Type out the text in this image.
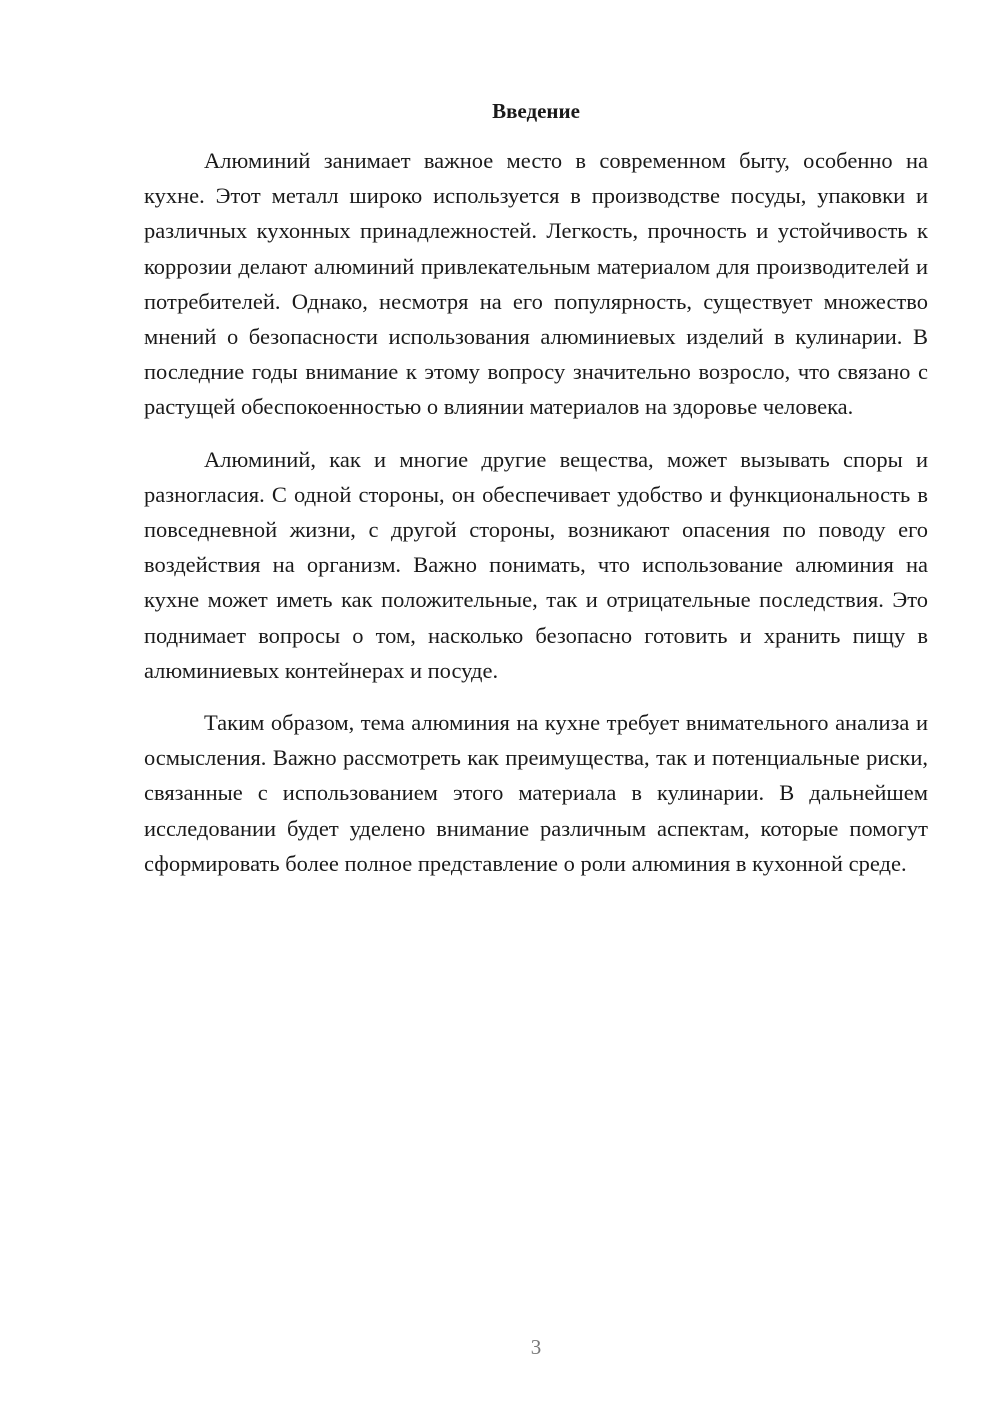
Введение

Алюминий занимает важное место в современном быту, особенно на кухне. Этот металл широко используется в производстве посуды, упаковки и различных кухонных принадлежностей. Легкость, прочность и устойчивость к коррозии делают алюминий привлекательным материалом для производителей и потребителей. Однако, несмотря на его популярность, существует множество мнений о безопасности использования алюминиевых изделий в кулинарии. В последние годы внимание к этому вопросу значительно возросло, что связано с растущей обеспокоенностью о влиянии материалов на здоровье человека.

Алюминий, как и многие другие вещества, может вызывать споры и разногласия. С одной стороны, он обеспечивает удобство и функциональность в повседневной жизни, с другой стороны, возникают опасения по поводу его воздействия на организм. Важно понимать, что использование алюминия на кухне может иметь как положительные, так и отрицательные последствия. Это поднимает вопросы о том, насколько безопасно готовить и хранить пищу в алюминиевых контейнерах и посуде.

Таким образом, тема алюминия на кухне требует внимательного анализа и осмысления. Важно рассмотреть как преимущества, так и потенциальные риски, связанные с использованием этого материала в кулинарии. В дальнейшем исследовании будет уделено внимание различным аспектам, которые помогут сформировать более полное представление о роли алюминия в кухонной среде.

3
